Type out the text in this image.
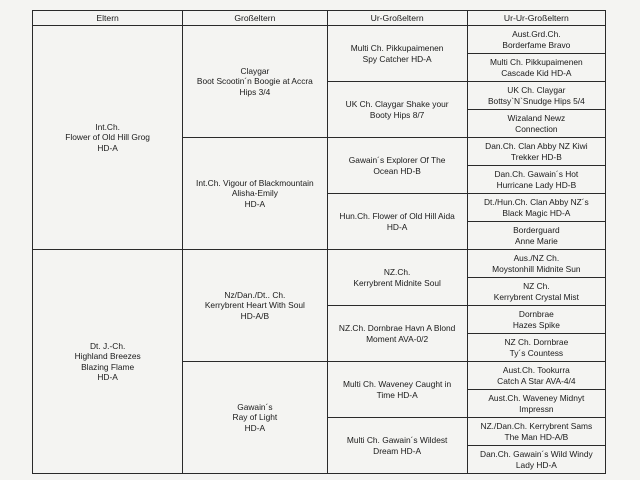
Eltern	Großeltern	Ur-Großeltern	Ur-Ur-Großeltern
Int.Ch.
Flower of Old Hill Grog
HD-A	Claygar
Boot Scootin´n Boogie at Accra
Hips 3/4	Multi Ch. Pikkupaimenen
Spy Catcher HD-A	Aust.Grd.Ch.
Borderfame Bravo
			Multi Ch. Pikkupaimenen
Cascade Kid HD-A
		UK Ch. Claygar Shake your
Booty Hips 8/7	UK Ch. Claygar
Bottsy`N`Snudge Hips 5/4
			Wizaland Newz
Connection
	Int.Ch. Vigour of Blackmountain
Alisha-Emily
HD-A	Gawain´s Explorer Of The
Ocean HD-B	Dan.Ch. Clan Abby NZ Kiwi
Trekker HD-B
			Dan.Ch. Gawain´s Hot
Hurricane Lady HD-B
		Hun.Ch. Flower of Old Hill Aida
HD-A	Dt./Hun.Ch. Clan Abby NZ´s
Black Magic HD-A
			Borderguard
Anne Marie
Dt. J.-Ch.
Highland Breezes
Blazing Flame
HD-A	Nz/Dan./Dt.. Ch.
Kerrybrent Heart With Soul
HD-A/B	NZ.Ch.
Kerrybrent Midnite Soul	Aus./NZ Ch.
Moystonhill Midnite Sun
			NZ Ch.
Kerrybrent Crystal Mist
		NZ.Ch. Dornbrae Havn A Blond
Moment AVA-0/2	Dornbrae
Hazes Spike
			NZ Ch. Dornbrae
Ty´s Countess
	Gawain´s
Ray of Light
HD-A	Multi Ch. Waveney Caught in
Time HD-A	Aust.Ch. Tookurra
Catch A Star AVA-4/4
			Aust.Ch. Waveney Midnyt
Impressn
		Multi Ch. Gawain´s Wildest
Dream HD-A	NZ./Dan.Ch. Kerrybrent Sams
The Man HD-A/B
			Dan.Ch. Gawain´s Wild Windy
Lady HD-A
